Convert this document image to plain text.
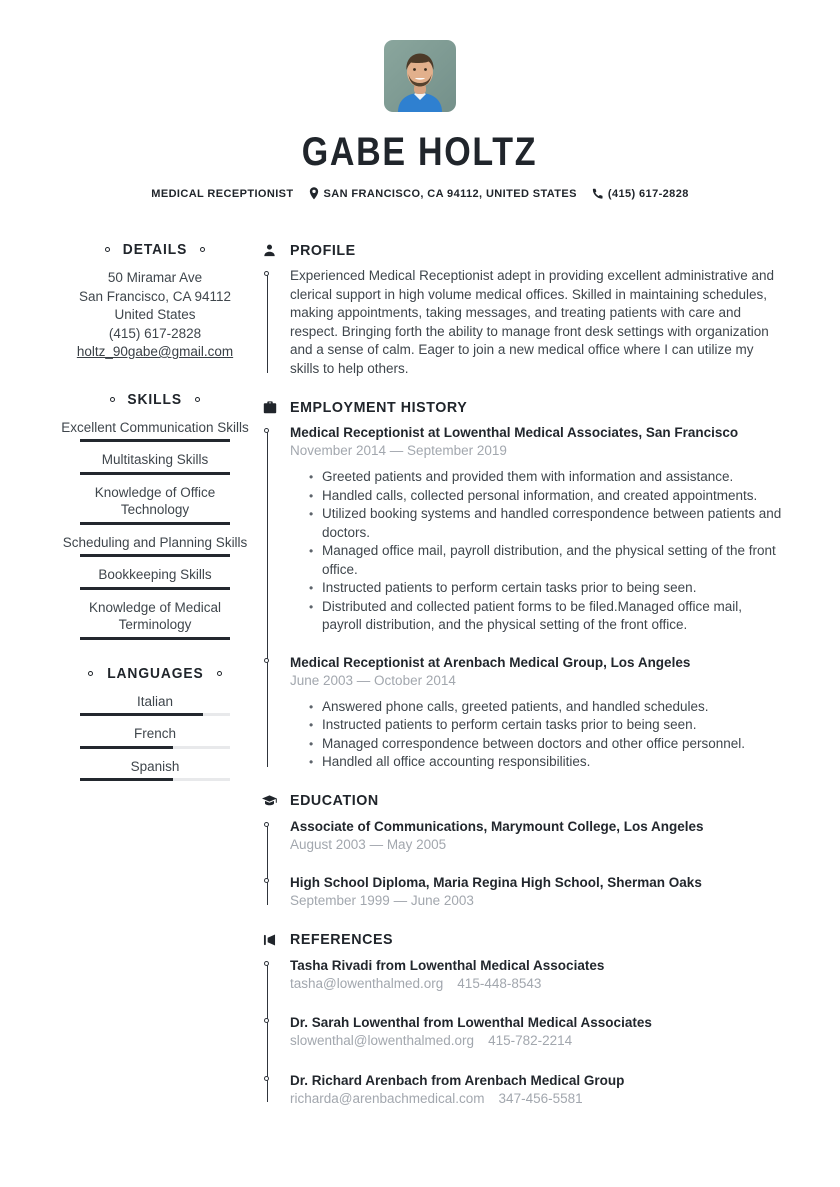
GABE HOLTZ
MEDICAL RECEPTIONIST	SAN FRANCISCO, CA 94112, UNITED STATES	(415) 617-2828
DETAILS
50 Miramar Ave
San Francisco, CA 94112
United States
(415) 617-2828
holtz_90gabe@gmail.com
SKILLS
Excellent Communication Skills
Multitasking Skills
Knowledge of Office Technology
Scheduling and Planning Skills
Bookkeeping Skills
Knowledge of Medical Terminology
LANGUAGES
Italian
French
Spanish
PROFILE

Experienced Medical Receptionist adept in providing excellent administrative and clerical support in high volume medical offices. Skilled in maintaining schedules, making appointments, taking messages, and treating patients with care and respect. Bringing forth the ability to manage front desk settings with organization and a sense of calm. Eager to join a new medical office where I can utilize my skills to help others.

EMPLOYMENT HISTORY
Medical Receptionist at Lowenthal Medical Associates, San Francisco
November 2014 — September 2019
• Greeted patients and provided them with information and assistance.
• Handled calls, collected personal information, and created appointments.
• Utilized booking systems and handled correspondence between patients and doctors.
• Managed office mail, payroll distribution, and the physical setting of the front office.
• Instructed patients to perform certain tasks prior to being seen.
• Distributed and collected patient forms to be filed.Managed office mail, payroll distribution, and the physical setting of the front office.
Medical Receptionist at Arenbach Medical Group, Los Angeles
June 2003 — October 2014
• Answered phone calls, greeted patients, and handled schedules.
• Instructed patients to perform certain tasks prior to being seen.
• Managed correspondence between doctors and other office personnel.
• Handled all office accounting responsibilities.
EDUCATION
Associate of Communications, Marymount College, Los Angeles
August 2003 — May 2005
High School Diploma, Maria Regina High School, Sherman Oaks
September 1999 — June 2003
REFERENCES
Tasha Rivadi from Lowenthal Medical Associates
tasha@lowenthalmed.org 415-448-8543
Dr. Sarah Lowenthal from Lowenthal Medical Associates
slowenthal@lowenthalmed.org 415-782-2214
Dr. Richard Arenbach from Arenbach Medical Group
richarda@arenbachmedical.com 347-456-5581
